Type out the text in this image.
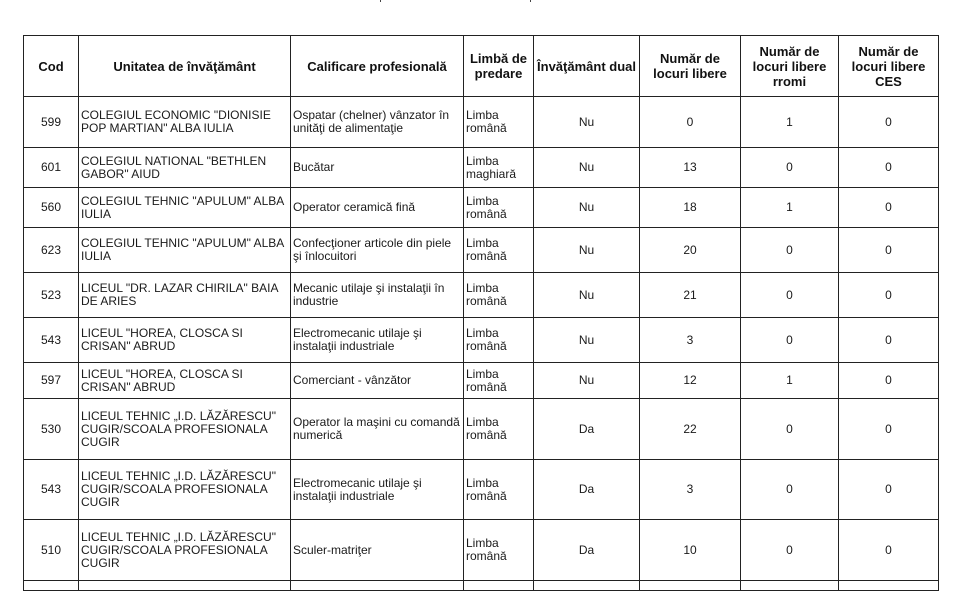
Cod	Unitatea de învăţământ	Calificare profesională	Limbă de predare	Învăţământ dual	Număr de locuri libere	Număr de locuri libere rromi	Număr de locuri libere CES
599	COLEGIUL ECONOMIC "DIONISIE POP MARTIAN" ALBA IULIA	Ospatar (chelner) vânzator în unităţi de alimentaţie	Limba română	Nu	0	1	0
601	COLEGIUL NATIONAL "BETHLEN GABOR" AIUD	Bucătar	Limba maghiară	Nu	13	0	0
560	COLEGIUL TEHNIC "APULUM" ALBA IULIA	Operator ceramică fină	Limba română	Nu	18	1	0
623	COLEGIUL TEHNIC "APULUM" ALBA IULIA	Confecţioner articole din piele şi înlocuitori	Limba română	Nu	20	0	0
523	LICEUL "DR. LAZAR CHIRILA" BAIA DE ARIES	Mecanic utilaje şi instalaţii în industrie	Limba română	Nu	21	0	0
543	LICEUL "HOREA, CLOSCA SI CRISAN" ABRUD	Electromecanic utilaje şi instalaţii industriale	Limba română	Nu	3	0	0
597	LICEUL "HOREA, CLOSCA SI CRISAN" ABRUD	Comerciant - vânzător	Limba română	Nu	12	1	0
530	LICEUL TEHNIC „I.D. LĂZĂRESCU" CUGIR/SCOALA PROFESIONALA CUGIR	Operator la maşini cu comandă numerică	Limba română	Da	22	0	0
543	LICEUL TEHNIC „I.D. LĂZĂRESCU" CUGIR/SCOALA PROFESIONALA CUGIR	Electromecanic utilaje şi instalaţii industriale	Limba română	Da	3	0	0
510	LICEUL TEHNIC „I.D. LĂZĂRESCU" CUGIR/SCOALA PROFESIONALA CUGIR	Sculer-matriţer	Limba română	Da	10	0	0
